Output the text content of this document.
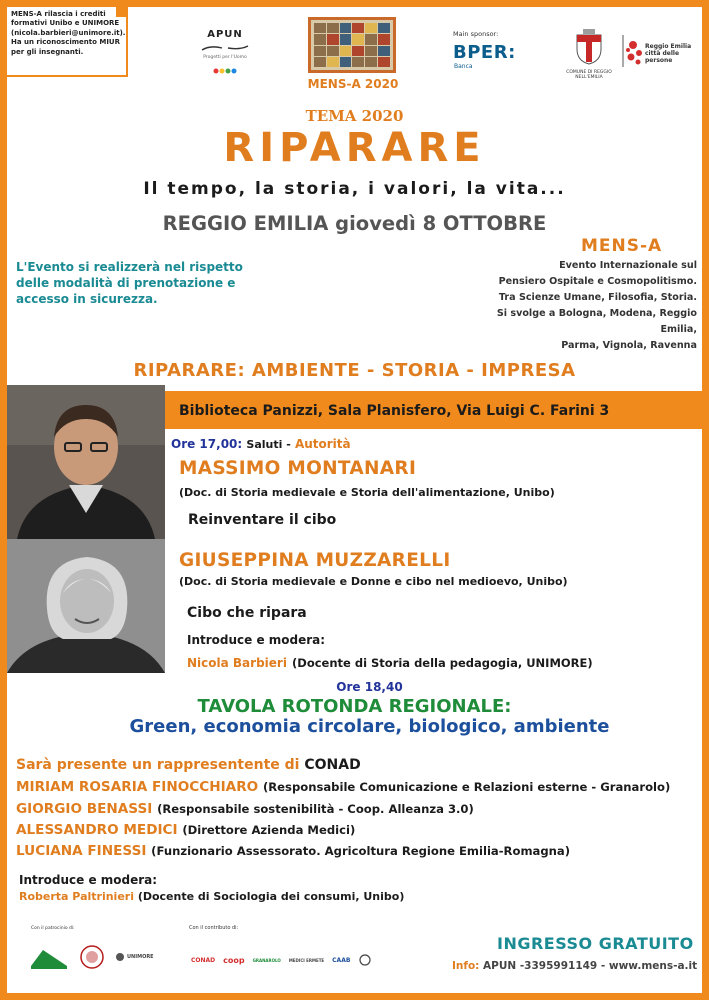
MENS-A rilascia i crediti formativi Unibo e UNIMORE (nicola.barbieri@unimore.it). Ha un riconoscimento MIUR per gli insegnanti.
APUN
Progetti per l'Uomo
MENS-A 2020
Main sponsor:
BPER:
Banca
COMUNE DI REGGIO NELL'EMILIA
Reggio Emilia città delle persone
TEMA 2020
RIPARARE
Il tempo, la storia, i valori, la vita...
REGGIO EMILIA giovedì 8 OTTOBRE
L'Evento si realizzerà nel rispetto delle modalità di prenotazione e accesso in sicurezza.
MENS-A
Evento Internazionale sul
Pensiero Ospitale e Cosmopolitismo.
Tra Scienze Umane, Filosofia, Storia.
Si svolge a Bologna, Modena, Reggio Emilia,
Parma, Vignola, Ravenna
RIPARARE: AMBIENTE - STORIA - IMPRESA
Biblioteca Panizzi, Sala Planisfero, Via Luigi C. Farini 3
Ore 17,00: Saluti - Autorità
MASSIMO MONTANARI
(Doc. di Storia medievale e Storia dell'alimentazione, Unibo)
Reinventare il cibo
GIUSEPPINA MUZZARELLI
(Doc. di Storia medievale e Donne e cibo nel medioevo, Unibo)
Cibo che ripara
Introduce e modera:
Nicola Barbieri (Docente di Storia della pedagogia, UNIMORE)
Ore 18,40
TAVOLA ROTONDA REGIONALE:
Green, economia circolare, biologico, ambiente
Sarà presente un rappresentente di CONAD
MIRIAM ROSARIA FINOCCHIARO (Responsabile Comunicazione e Relazioni esterne - Granarolo)
GIORGIO BENASSI (Responsabile sostenibilità - Coop. Alleanza 3.0)
ALESSANDRO MEDICI (Direttore Azienda Medici)
LUCIANA FINESSI (Funzionario Assessorato. Agricoltura Regione Emilia-Romagna)
Introduce e modera:
Roberta Paltrinieri (Docente di Sociologia dei consumi, Unibo)
Con il patrocinio di:
UNIMORE
Con il contributo di:
CONAD coop GRANAROLO MEDICI ERMETE CAAB
INGRESSO GRATUITO
Info: APUN -3395991149 - www.mens-a.it
